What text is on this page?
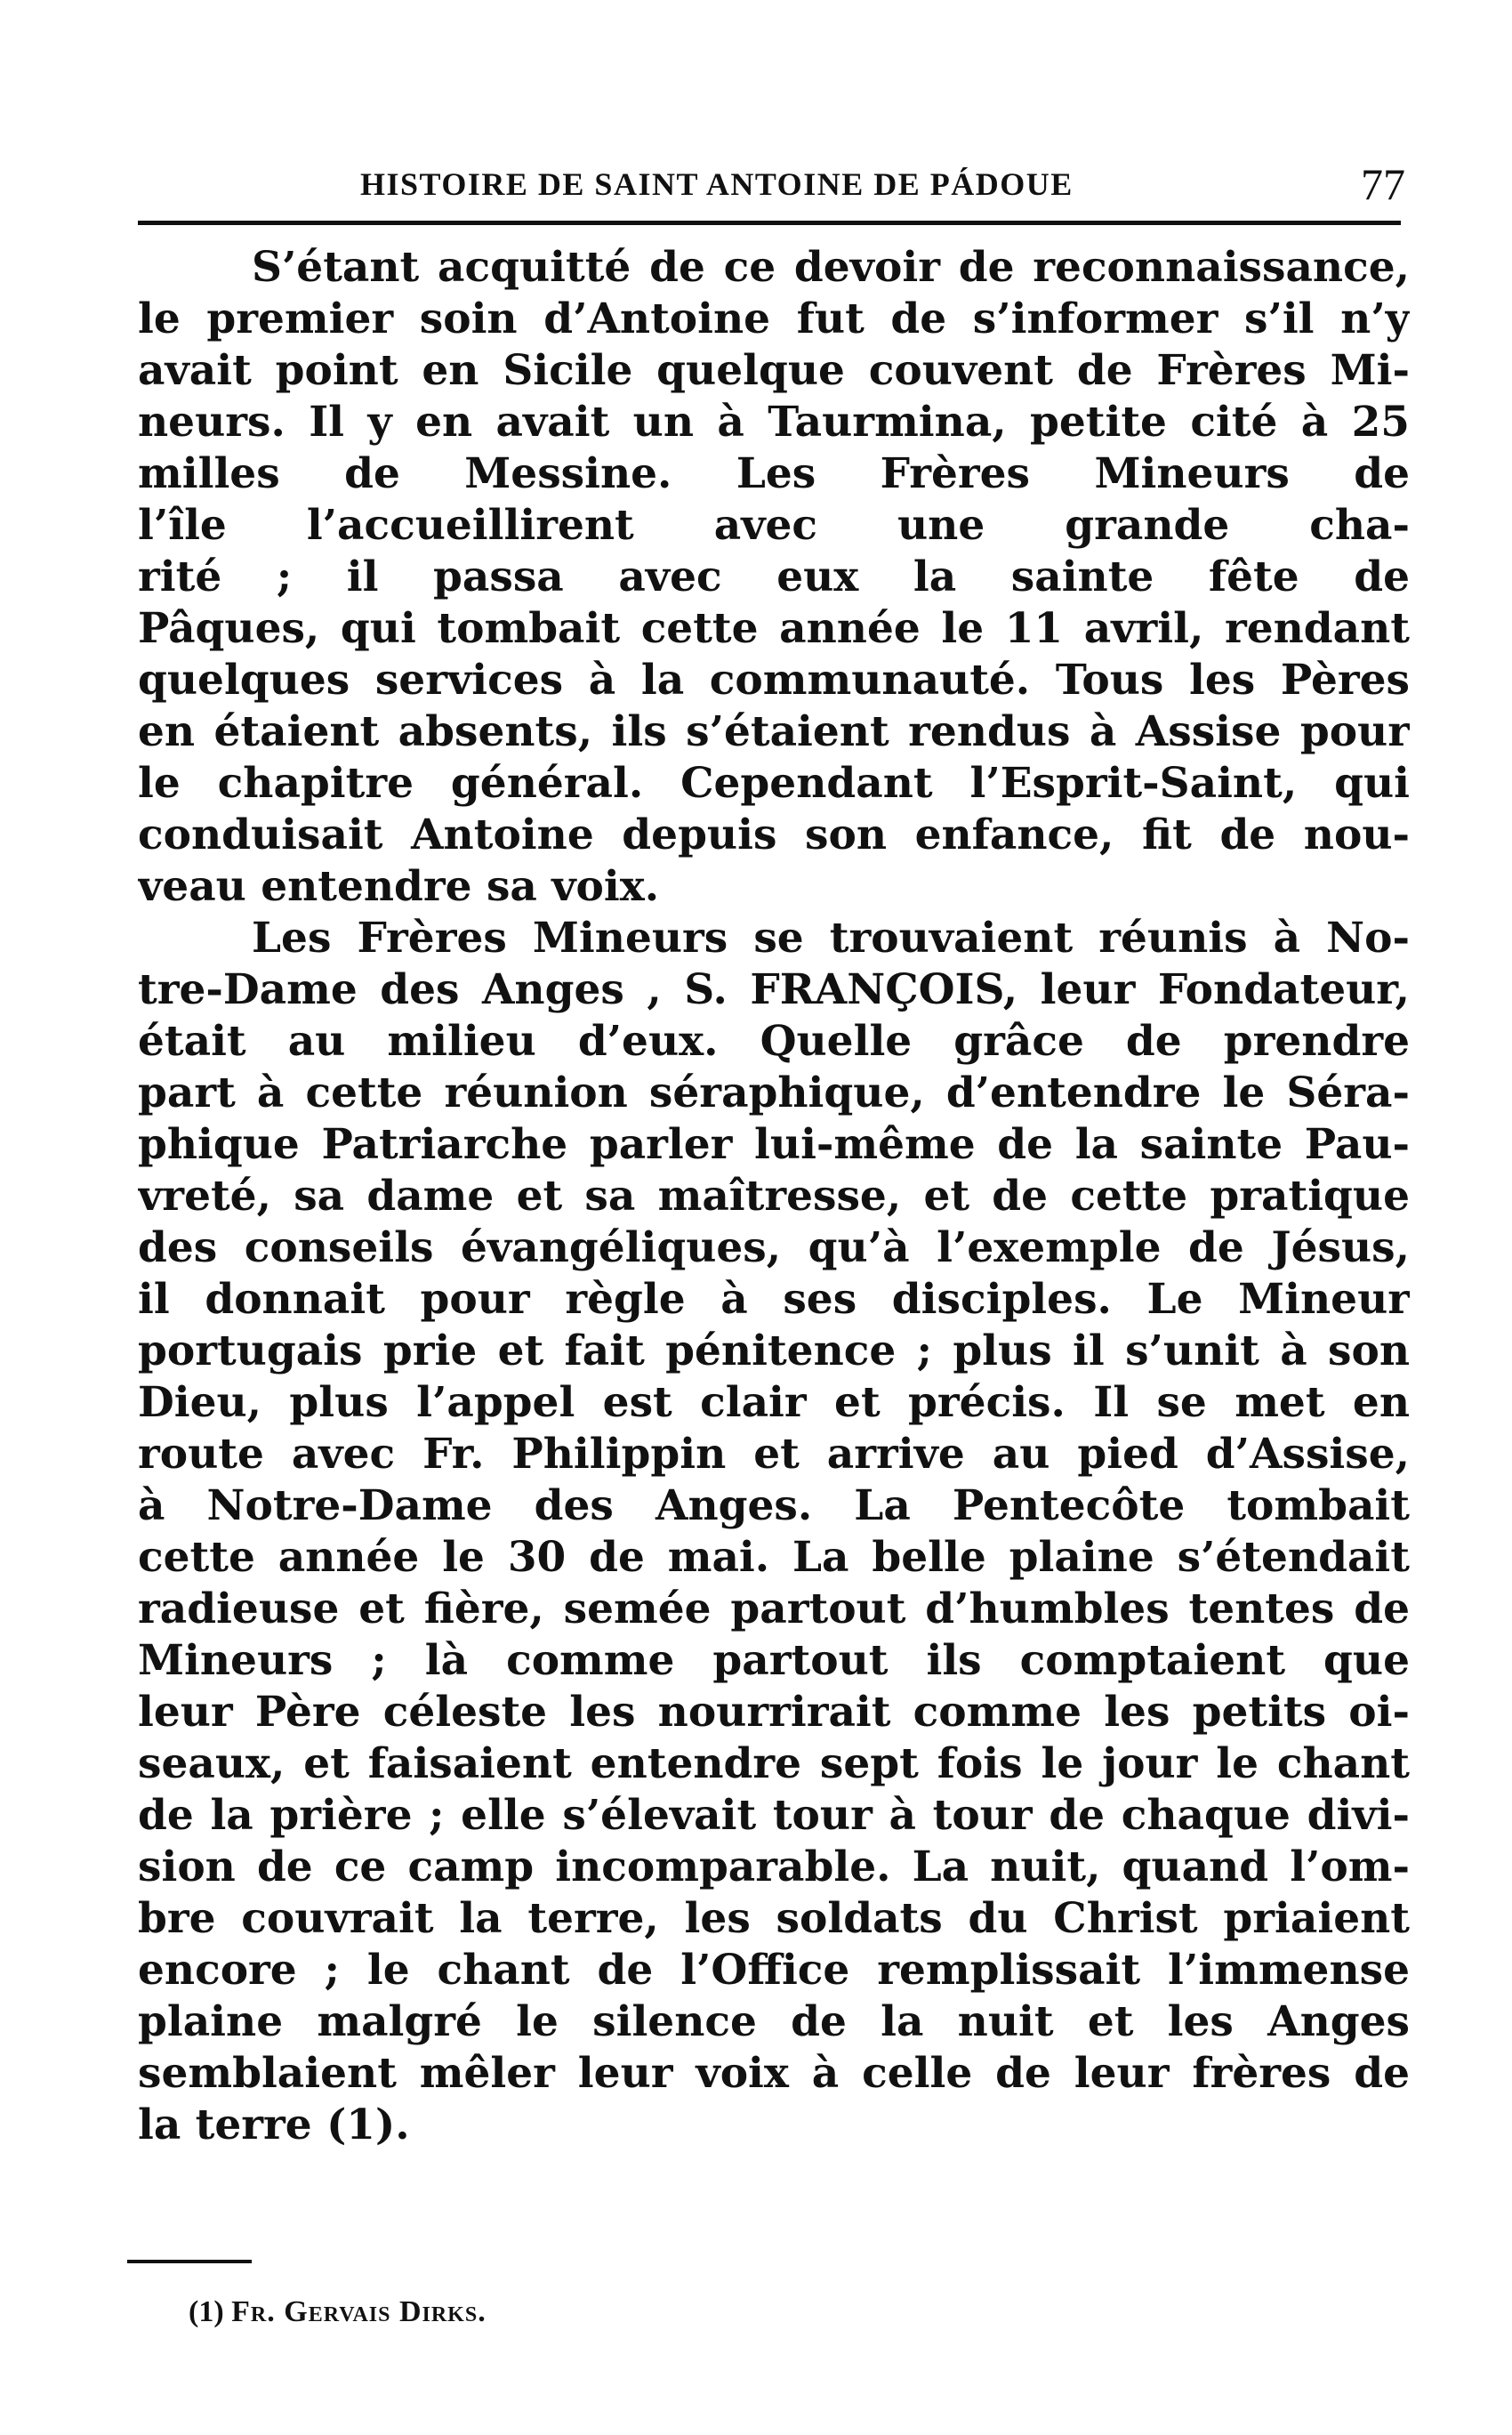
HISTOIRE DE SAINT ANTOINE DE PÁDOUE	77
S’étant acquitté de ce devoir de reconnaissance,
le premier soin d’Antoine fut de s’informer s’il n’y
avait point en Sicile quelque couvent de Frères Mi-
neurs. Il y en avait un à Taurmina, petite cité à 25
milles de Messine. Les Frères Mineurs de
l’île l’accueillirent avec une grande cha-
rité ; il passa avec eux la sainte fête de
Pâques, qui tombait cette année le 11 avril, rendant
quelques services à la communauté. Tous les Pères
en étaient absents, ils s’étaient rendus à Assise pour
le chapitre général. Cependant l’Esprit-Saint, qui
conduisait Antoine depuis son enfance, fit de nou-
veau entendre sa voix.
Les Frères Mineurs se trouvaient réunis à No-
tre-Dame des Anges , S. FRANÇOIS, leur Fondateur,
était au milieu d’eux. Quelle grâce de prendre
part à cette réunion séraphique, d’entendre le Séra-
phique Patriarche parler lui-même de la sainte Pau-
vreté, sa dame et sa maîtresse, et de cette pratique
des conseils évangéliques, qu’à l’exemple de Jésus,
il donnait pour règle à ses disciples. Le Mineur
portugais prie et fait pénitence ; plus il s’unit à son
Dieu, plus l’appel est clair et précis. Il se met en
route avec Fr. Philippin et arrive au pied d’Assise,
à Notre-Dame des Anges. La Pentecôte tombait
cette année le 30 de mai. La belle plaine s’étendait
radieuse et fière, semée partout d’humbles tentes de
Mineurs ; là comme partout ils comptaient que
leur Père céleste les nourrirait comme les petits oi-
seaux, et faisaient entendre sept fois le jour le chant
de la prière ; elle s’élevait tour à tour de chaque divi-
sion de ce camp incomparable. La nuit, quand l’om-
bre couvrait la terre, les soldats du Christ priaient
encore ; le chant de l’Office remplissait l’immense
plaine malgré le silence de la nuit et les Anges
semblaient mêler leur voix à celle de leur frères de
la terre (1).
(1) Fr. Gervais Dirks.
